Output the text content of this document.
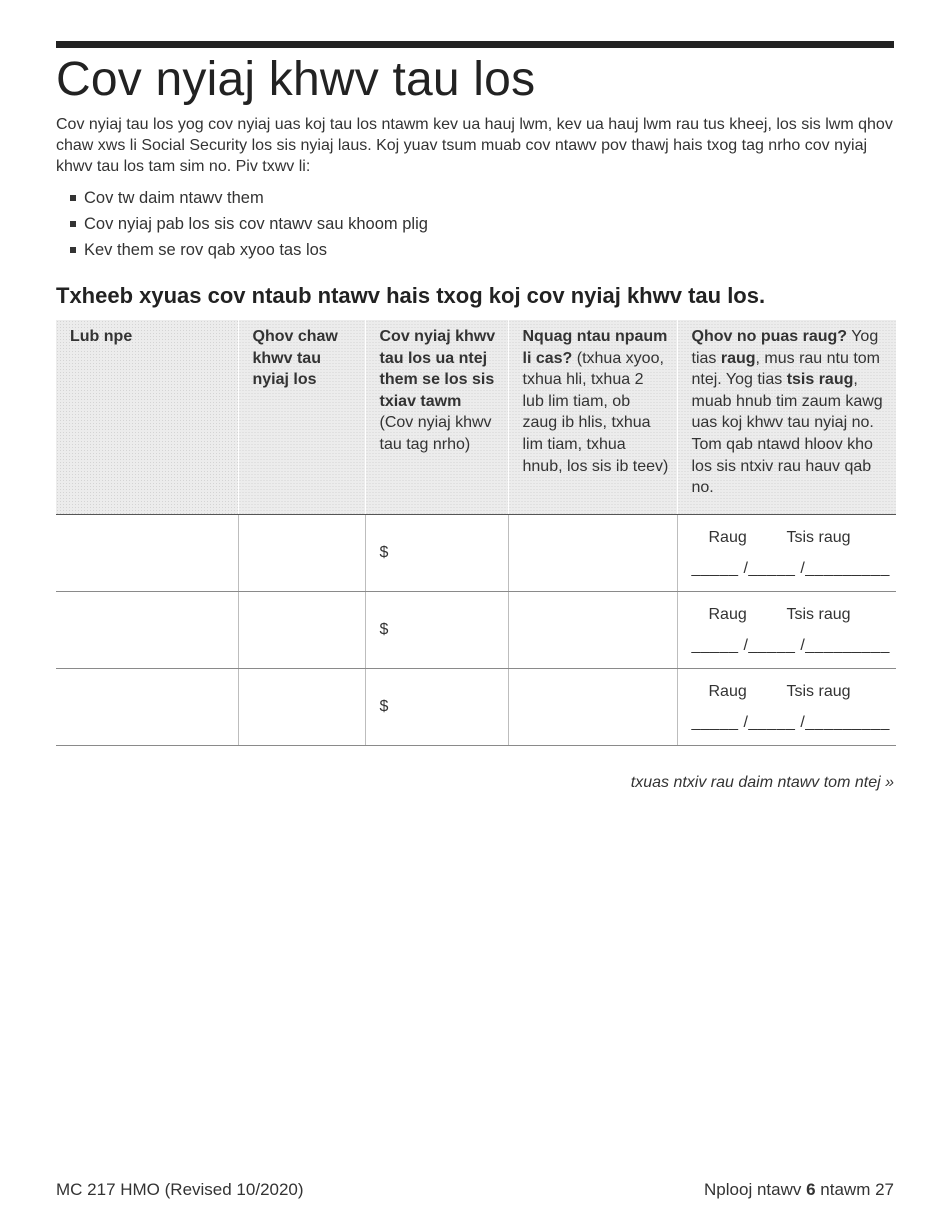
Cov nyiaj khwv tau los

Cov nyiaj tau los yog cov nyiaj uas koj tau los ntawm kev ua hauj lwm, kev ua hauj lwm rau tus kheej, los sis lwm qhov chaw xws li Social Security los sis nyiaj laus. Koj yuav tsum muab cov ntawv pov thawj hais txog tag nrho cov nyiaj khwv tau los tam sim no. Piv txwv li:

Cov tw daim ntawv them
Cov nyiaj pab los sis cov ntawv sau khoom plig
Kev them se rov qab xyoo tas los
Txheeb xyuas cov ntaub ntawv hais txog koj cov nyiaj khwv tau los.
Lub npe	Qhov chaw khwv tau nyiaj los	Cov nyiaj khwv tau los ua ntej them se los sis txiav tawm (Cov nyiaj khwv tau tag nrho)	Nquag ntau npaum li cas? (txhua xyoo, txhua hli, txhua 2 lub lim tiam, ob zaug ib hlis, txhua lim tiam, txhua hnub, los sis ib teev)	Qhov no puas raug? Yog tias raug, mus rau ntu tom ntej. Yog tias tsis raug, muab hnub tim zaum kawg uas koj khwv tau nyiaj no. Tom qab ntawd hloov kho los sis ntxiv rau hauv qab no.
		$		Raug Tsis raug
_____ /_____ /_________

		$		Raug Tsis raug
_____ /_____ /_________

		$		Raug Tsis raug
_____ /_____ /_________

txuas ntxiv rau daim ntawv tom ntej »

MC 217 HMO (Revised 10/2020)	Nplooj ntawv 6 ntawm 27
